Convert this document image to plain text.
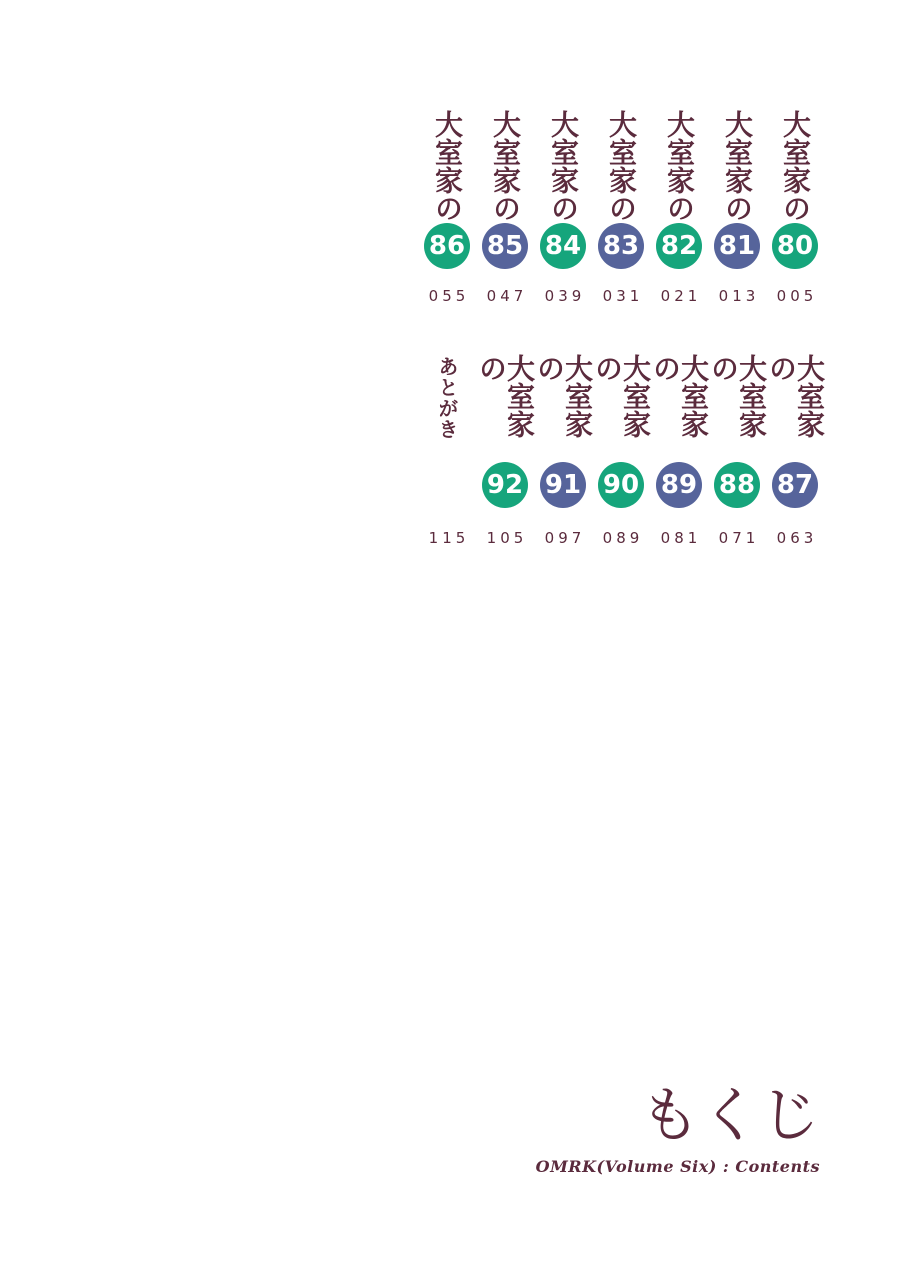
大室家の
86
055
大室家の
85
047
大室家の
84
039
大室家の
83
031
大室家の
82
021
大室家の
81
013
大室家の
80
005
あとがき
115
大室家の
92
105
大室家の
91
097
大室家の
90
089
大室家の
89
081
大室家の
88
071
大室家の
87
063
もくじ
OMRK(Volume Six) : Contents
